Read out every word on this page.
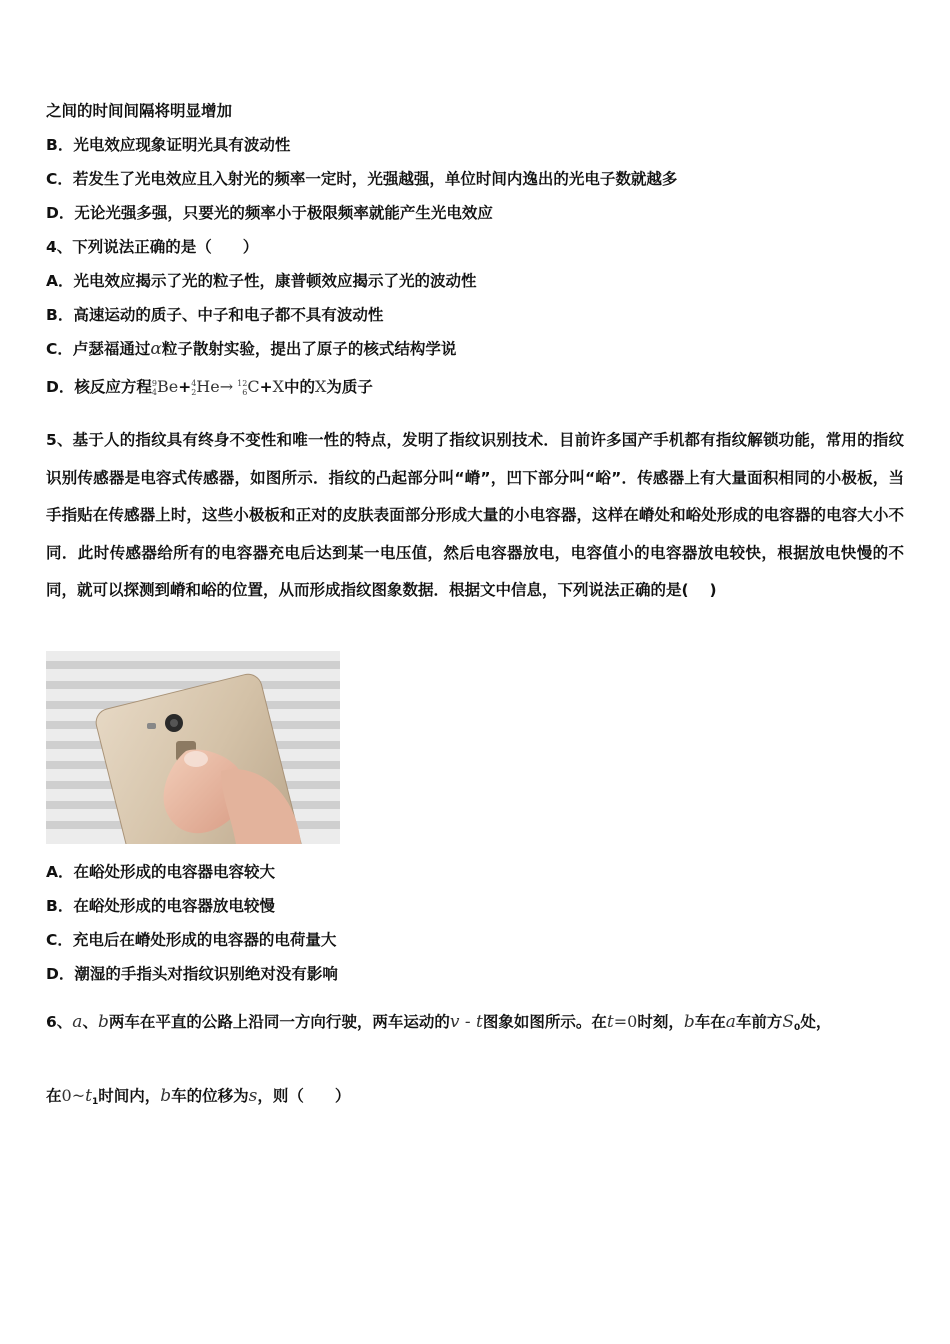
之间的时间间隔将明显增加
B．光电效应现象证明光具有波动性
C．若发生了光电效应且入射光的频率一定时，光强越强，单位时间内逸出的光电子数就越多
D．无论光强多强，只要光的频率小于极限频率就能产生光电效应
4、下列说法正确的是（　　）
A．光电效应揭示了光的粒子性，康普顿效应揭示了光的波动性
B．高速运动的质子、中子和电子都不具有波动性
C．卢瑟福通过α粒子散射实验，提出了原子的核式结构学说
D．核反应方程 9
4 Be+ 4
2 He→ 12
6 C+X中的X为质子
5、基于人的指纹具有终身不变性和唯一性的特点，发明了指纹识别技术．目前许多国产手机都有指纹解锁功能，常用的指纹识别传感器是电容式传感器，如图所示．指纹的凸起部分叫“嵴”，凹下部分叫“峪”．传感器上有大量面积相同的小极板，当手指贴在传感器上时，这些小极板和正对的皮肤表面部分形成大量的小电容器，这样在嵴处和峪处形成的电容器的电容大小不同．此时传感器给所有的电容器充电后达到某一电压值，然后电容器放电，电容值小的电容器放电较快，根据放电快慢的不同，就可以探测到嵴和峪的位置，从而形成指纹图象数据．根据文中信息，下列说法正确的是(　 )
A．在峪处形成的电容器电容较大
B．在峪处形成的电容器放电较慢
C．充电后在嵴处形成的电容器的电荷量大
D．潮湿的手指头对指纹识别绝对没有影响
6、a、b两车在平直的公路上沿同一方向行驶，两车运动的v - t图象如图所示。在t=0时刻，b车在a车前方$S_0$处，
在$0\sim t_1$时间内，b车的位移为s，则（　　）
